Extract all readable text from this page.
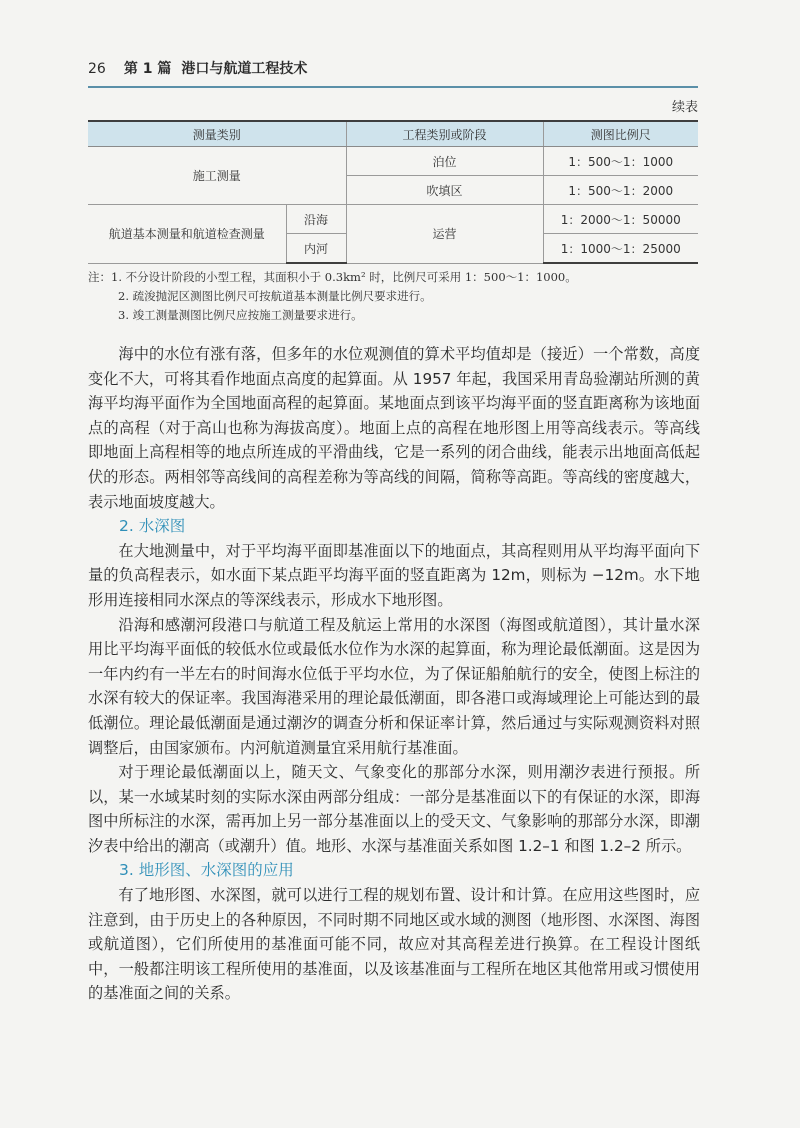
26 第 1 篇 港口与航道工程技术
续表
测量类别		工程类别或阶段	测图比例尺
施工测量		泊位	1：500～1：1000
		吹填区	1：500～1：2000
航道基本测量和航道检查测量	沿海	运营	1：2000～1：50000
	内河		1：1000～1：25000
注：1. 不分设计阶段的小型工程，其面积小于 0.3km² 时，比例尺可采用 1：500～1：1000。
2. 疏浚抛泥区测图比例尺可按航道基本测量比例尺要求进行。
3. 竣工测量测图比例尺应按施工测量要求进行。

海中的水位有涨有落，但多年的水位观测值的算术平均值却是（接近）一个常数，高度变化不大，可将其看作地面点高度的起算面。从 1957 年起，我国采用青岛验潮站所测的黄海平均海平面作为全国地面高程的起算面。某地面点到该平均海平面的竖直距离称为该地面点的高程（对于高山也称为海拔高度）。地面上点的高程在地形图上用等高线表示。等高线即地面上高程相等的地点所连成的平滑曲线，它是一系列的闭合曲线，能表示出地面高低起伏的形态。两相邻等高线间的高程差称为等高线的间隔，简称等高距。等高线的密度越大，表示地面坡度越大。

2. 水深图

在大地测量中，对于平均海平面即基准面以下的地面点，其高程则用从平均海平面向下量的负高程表示，如水面下某点距平均海平面的竖直距离为 12m，则标为 −12m。水下地形用连接相同水深点的等深线表示，形成水下地形图。

沿海和感潮河段港口与航道工程及航运上常用的水深图（海图或航道图），其计量水深用比平均海平面低的较低水位或最低水位作为水深的起算面，称为理论最低潮面。这是因为一年内约有一半左右的时间海水位低于平均水位，为了保证船舶航行的安全，使图上标注的水深有较大的保证率。我国海港采用的理论最低潮面，即各港口或海域理论上可能达到的最低潮位。理论最低潮面是通过潮汐的调查分析和保证率计算，然后通过与实际观测资料对照调整后，由国家颁布。内河航道测量宜采用航行基准面。

对于理论最低潮面以上，随天文、气象变化的那部分水深，则用潮汐表进行预报。所以，某一水域某时刻的实际水深由两部分组成：一部分是基准面以下的有保证的水深，即海图中所标注的水深，需再加上另一部分基准面以上的受天文、气象影响的那部分水深，即潮汐表中给出的潮高（或潮升）值。地形、水深与基准面关系如图 1.2–1 和图 1.2–2 所示。

3. 地形图、水深图的应用

有了地形图、水深图，就可以进行工程的规划布置、设计和计算。在应用这些图时，应注意到，由于历史上的各种原因，不同时期不同地区或水域的测图（地形图、水深图、海图或航道图），它们所使用的基准面可能不同，故应对其高程差进行换算。在工程设计图纸中，一般都注明该工程所使用的基准面，以及该基准面与工程所在地区其他常用或习惯使用的基准面之间的关系。
